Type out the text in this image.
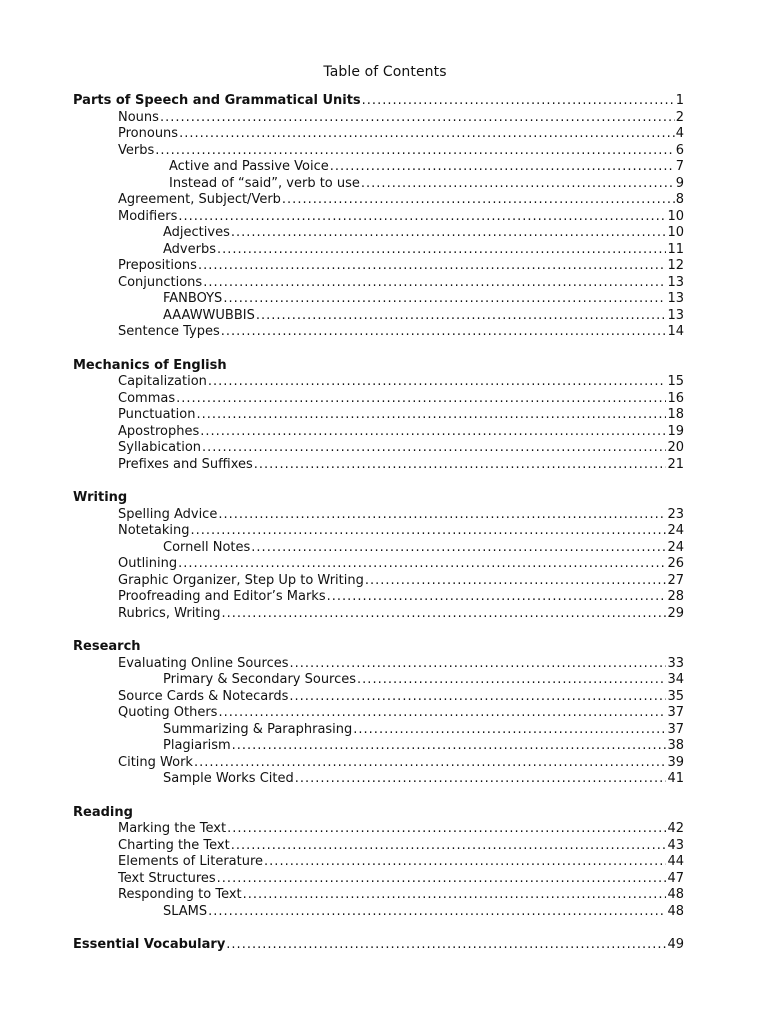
Table of Contents
Parts of Speech and Grammatical Units .....	1
Nouns .....	2
Pronouns .....	4
Verbs .....	6
Active and Passive Voice .....	7
Instead of “said”, verb to use .....	9
Agreement, Subject/Verb .....	8
Modifiers .....	10
Adjectives .....	10
Adverbs .....	11
Prepositions .....	12
Conjunctions .....	13
FANBOYS .....	13
AAAWWUBBIS .....	13
Sentence Types .....	14
Mechanics of English
Capitalization .....	15
Commas .....	16
Punctuation .....	18
Apostrophes .....	19
Syllabication .....	20
Prefixes and Suffixes .....	21
Writing
Spelling Advice .....	23
Notetaking .....	24
Cornell Notes .....	24
Outlining .....	26
Graphic Organizer, Step Up to Writing .....	27
Proofreading and Editor’s Marks .....	28
Rubrics, Writing .....	29
Research
Evaluating Online Sources .....	33
Primary & Secondary Sources .....	34
Source Cards & Notecards .....	35
Quoting Others .....	37
Summarizing & Paraphrasing .....	37
Plagiarism .....	38
Citing Work .....	39
Sample Works Cited .....	41
Reading
Marking the Text .....	42
Charting the Text .....	43
Elements of Literature .....	44
Text Structures .....	47
Responding to Text .....	48
SLAMS .....	48
Essential Vocabulary .....	49
